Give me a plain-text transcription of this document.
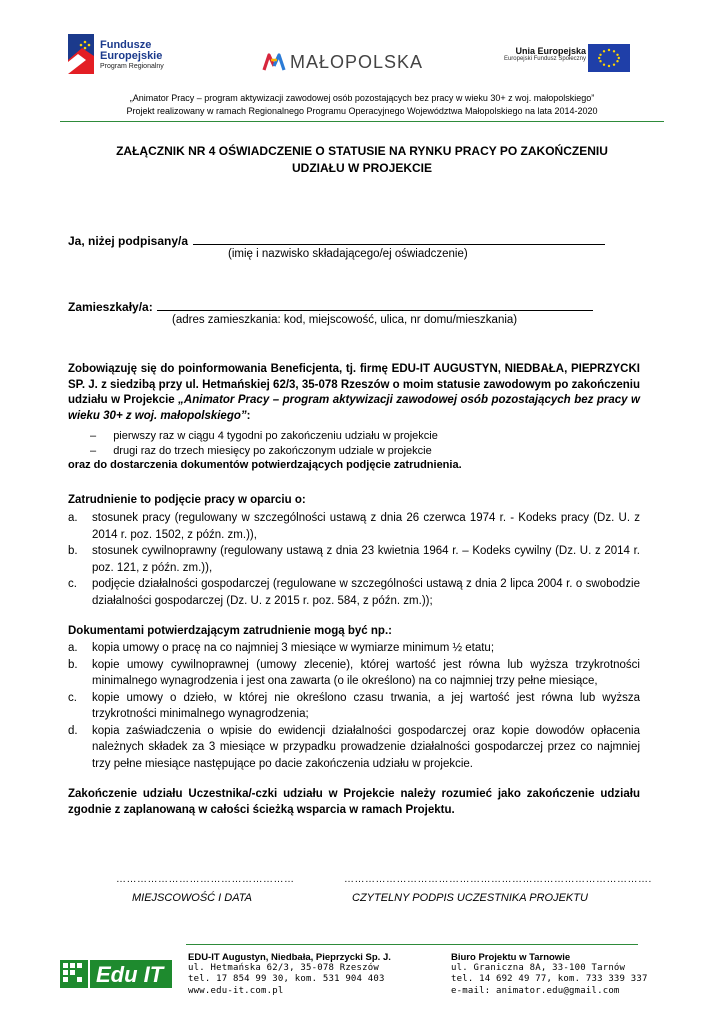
Fundusze
Europejskie
Program Regionalny	MAŁOPOLSKA
Unia Europejska
Europejski Fundusz Społeczny
„Animator Pracy – program aktywizacji zawodowej osób pozostających bez pracy w wieku 30+ z woj. małopolskiego”
Projekt realizowany w ramach Regionalnego Programu Operacyjnego Województwa Małopolskiego na lata 2014-2020
ZAŁĄCZNIK NR 4 OŚWIADCZENIE O STATUSIE NA RYNKU PRACY PO ZAKOŃCZENIU
UDZIAŁU W PROJEKCIE
Ja, niżej podpisany/a
(imię i nazwisko składającego/ej oświadczenie)
Zamieszkały/a:
(adres zamieszkania: kod, miejscowość, ulica, nr domu/mieszkania)
Zobowiązuję się do poinformowania Beneficjenta, tj. firmę EDU-IT AUGUSTYN, NIEDBAŁA, PIEPRZYCKI SP. J. z siedzibą przy ul. Hetmańskiej 62/3, 35-078 Rzeszów o moim statusie zawodowym po zakończeniu udziału w Projekcie „Animator Pracy – program aktywizacji zawodowej osób pozostających bez pracy w wieku 30+ z woj. małopolskiego”:
– pierwszy raz w ciągu 4 tygodni po zakończeniu udziału w projekcie
– drugi raz do trzech miesięcy po zakończonym udziale w projekcie
oraz do dostarczenia dokumentów potwierdzających podjęcie zatrudnienia.
Zatrudnienie to podjęcie pracy w oparciu o:
a.	stosunek pracy (regulowany w szczególności ustawą z dnia 26 czerwca 1974 r. - Kodeks pracy (Dz. U. z 2014 r. poz. 1502, z późn. zm.)),
b.	stosunek cywilnoprawny (regulowany ustawą z dnia 23 kwietnia 1964 r. – Kodeks cywilny (Dz. U. z 2014 r. poz. 121, z późn. zm.)),
c.	podjęcie działalności gospodarczej (regulowane w szczególności ustawą z dnia 2 lipca 2004 r. o swobodzie działalności gospodarczej (Dz. U. z 2015 r. poz. 584, z późn. zm.));
Dokumentami potwierdzającym zatrudnienie mogą być np.:
a.	kopia umowy o pracę na co najmniej 3 miesiące w wymiarze minimum ½ etatu;
b.	kopie umowy cywilnoprawnej (umowy zlecenie), której wartość jest równa lub wyższa trzykrotności minimalnego wynagrodzenia i jest ona zawarta (o ile określono) na co najmniej trzy pełne miesiące,
c.	kopie umowy o dzieło, w której nie określono czasu trwania, a jej wartość jest równa lub wyższa trzykrotności minimalnego wynagrodzenia;
d.	kopia zaświadczenia o wpisie do ewidencji działalności gospodarczej oraz kopie dowodów opłacenia należnych składek za 3 miesiące w przypadku prowadzenie działalności gospodarczej przez co najmniej trzy pełne miesiące następujące po dacie zakończenia udziału w projekcie.
Zakończenie udziału Uczestnika/-czki udziału w Projekcie należy rozumieć jako zakończenie udziału zgodnie z zaplanowaną w całości ścieżką wsparcia w ramach Projektu.
……………………………………………
MIEJSCOWOŚĆ I DATA
…………………………………………………………………………….
CZYTELNY PODPIS UCZESTNIKA PROJEKTU
Edu IT
EDU-IT Augustyn, Niedbała, Pieprzycki Sp. J.
ul. Hetmańska 62/3, 35-078 Rzeszów
tel. 17 854 99 30, kom. 531 904 403
www.edu-it.com.pl
Biuro Projektu w Tarnowie
ul. Graniczna 8A, 33-100 Tarnów
tel. 14 692 49 77, kom. 733 339 337
e-mail: animator.edu@gmail.com
